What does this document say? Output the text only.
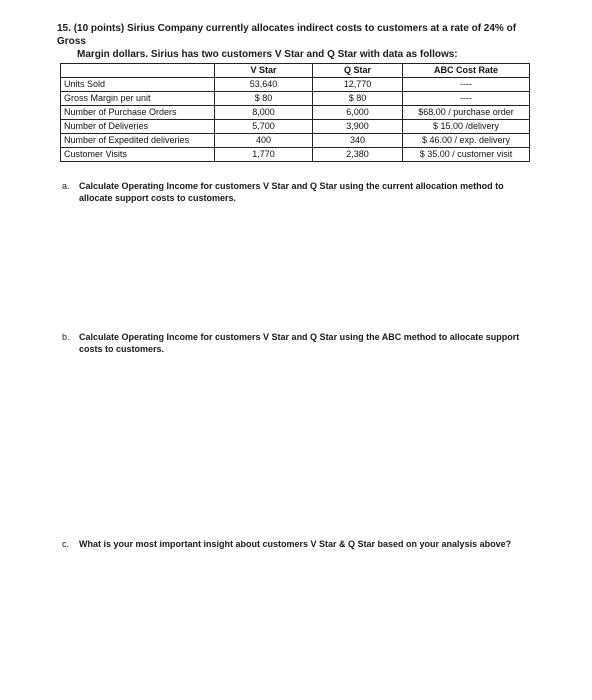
15. (10 points) Sirius Company currently allocates indirect costs to customers at a rate of 24% of Gross
Margin dollars. Sirius has two customers V Star and Q Star with data as follows:
	V Star	Q Star	ABC Cost Rate
Units Sold	53,640	12,770	----
Gross Margin per unit	$ 80	$ 80	----
Number of Purchase Orders	8,000	6,000	$68.00 / purchase order
Number of Deliveries	5,700	3,900	$ 15.00 /delivery
Number of Expedited deliveries	400	340	$ 46.00 / exp. delivery
Customer Visits	1,770	2,380	$ 35.00 / customer visit
a. Calculate Operating Income for customers V Star and Q Star using the current allocation method to allocate support costs to customers.
b. Calculate Operating Income for customers V Star and Q Star using the ABC method to allocate support costs to customers.
c. What is your most important insight about customers V Star & Q Star based on your analysis above?
